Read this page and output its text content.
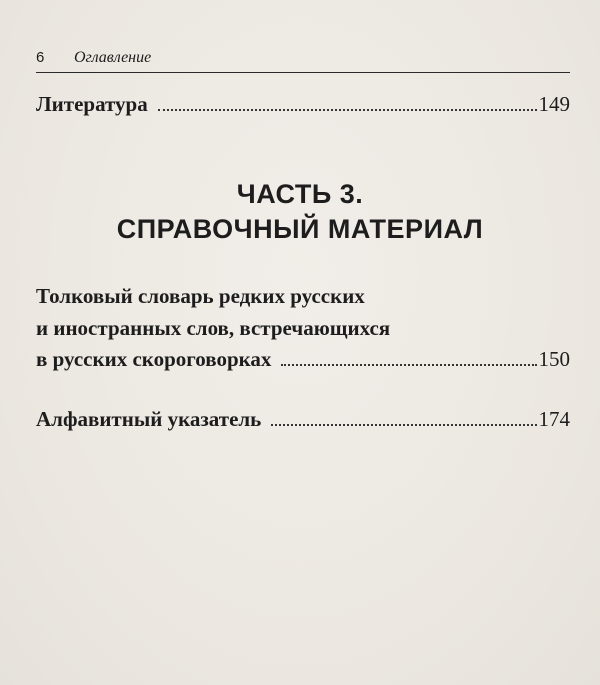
6 Оглавление
Литература	149
ЧАСТЬ 3.
СПРАВОЧНЫЙ МАТЕРИАЛ
Толковый словарь редких русских
и иностранных слов, встречающихся
в русских скороговорках	150
Алфавитный указатель	174
